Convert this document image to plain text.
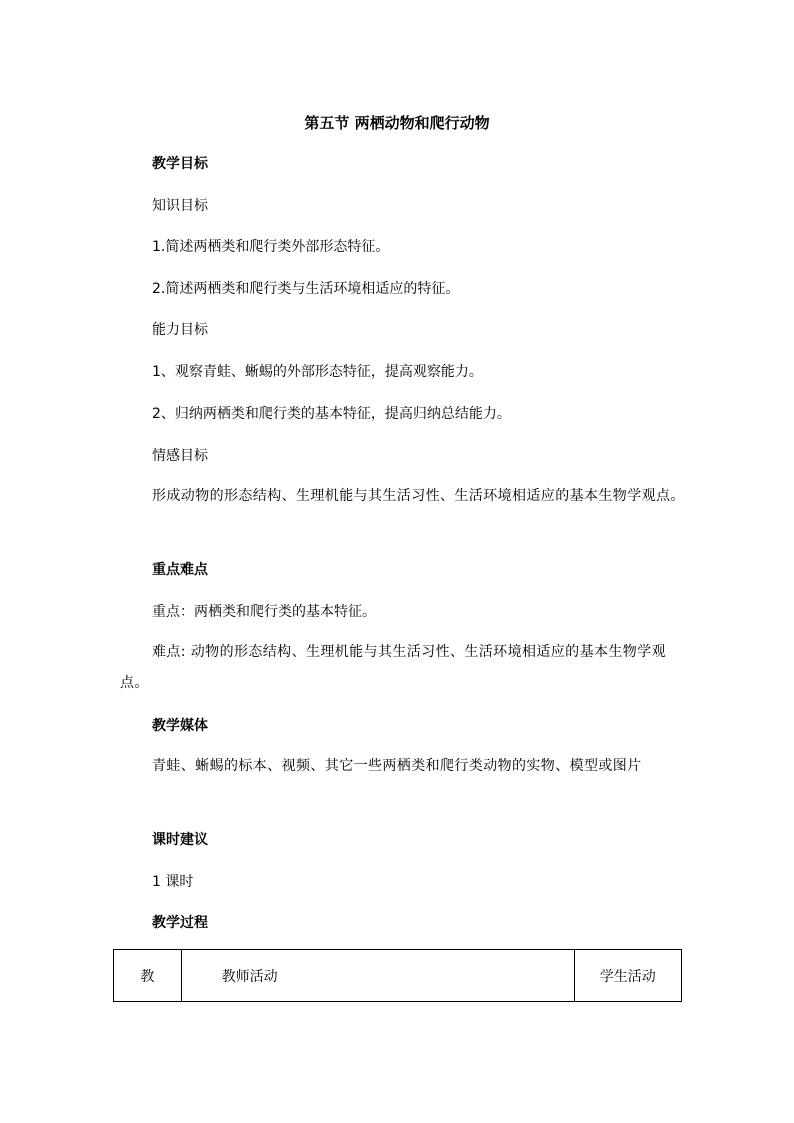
第五节 两栖动物和爬行动物
教学目标
知识目标
1.简述两栖类和爬行类外部形态特征。
2.简述两栖类和爬行类与生活环境相适应的特征。
能力目标
1、观察青蛙、蜥蜴的外部形态特征，提高观察能力。
2、归纳两栖类和爬行类的基本特征，提高归纳总结能力。
情感目标
形成动物的形态结构、生理机能与其生活习性、生活环境相适应的基本生物学观点。
重点难点
重点：两栖类和爬行类的基本特征。
难点: 动物的形态结构、生理机能与其生活习性、生活环境相适应的基本生物学观点。
教学媒体
青蛙、蜥蜴的标本、视频、其它一些两栖类和爬行类动物的实物、模型或图片
课时建议
1 课时
教学过程
教	教师活动	学生活动
